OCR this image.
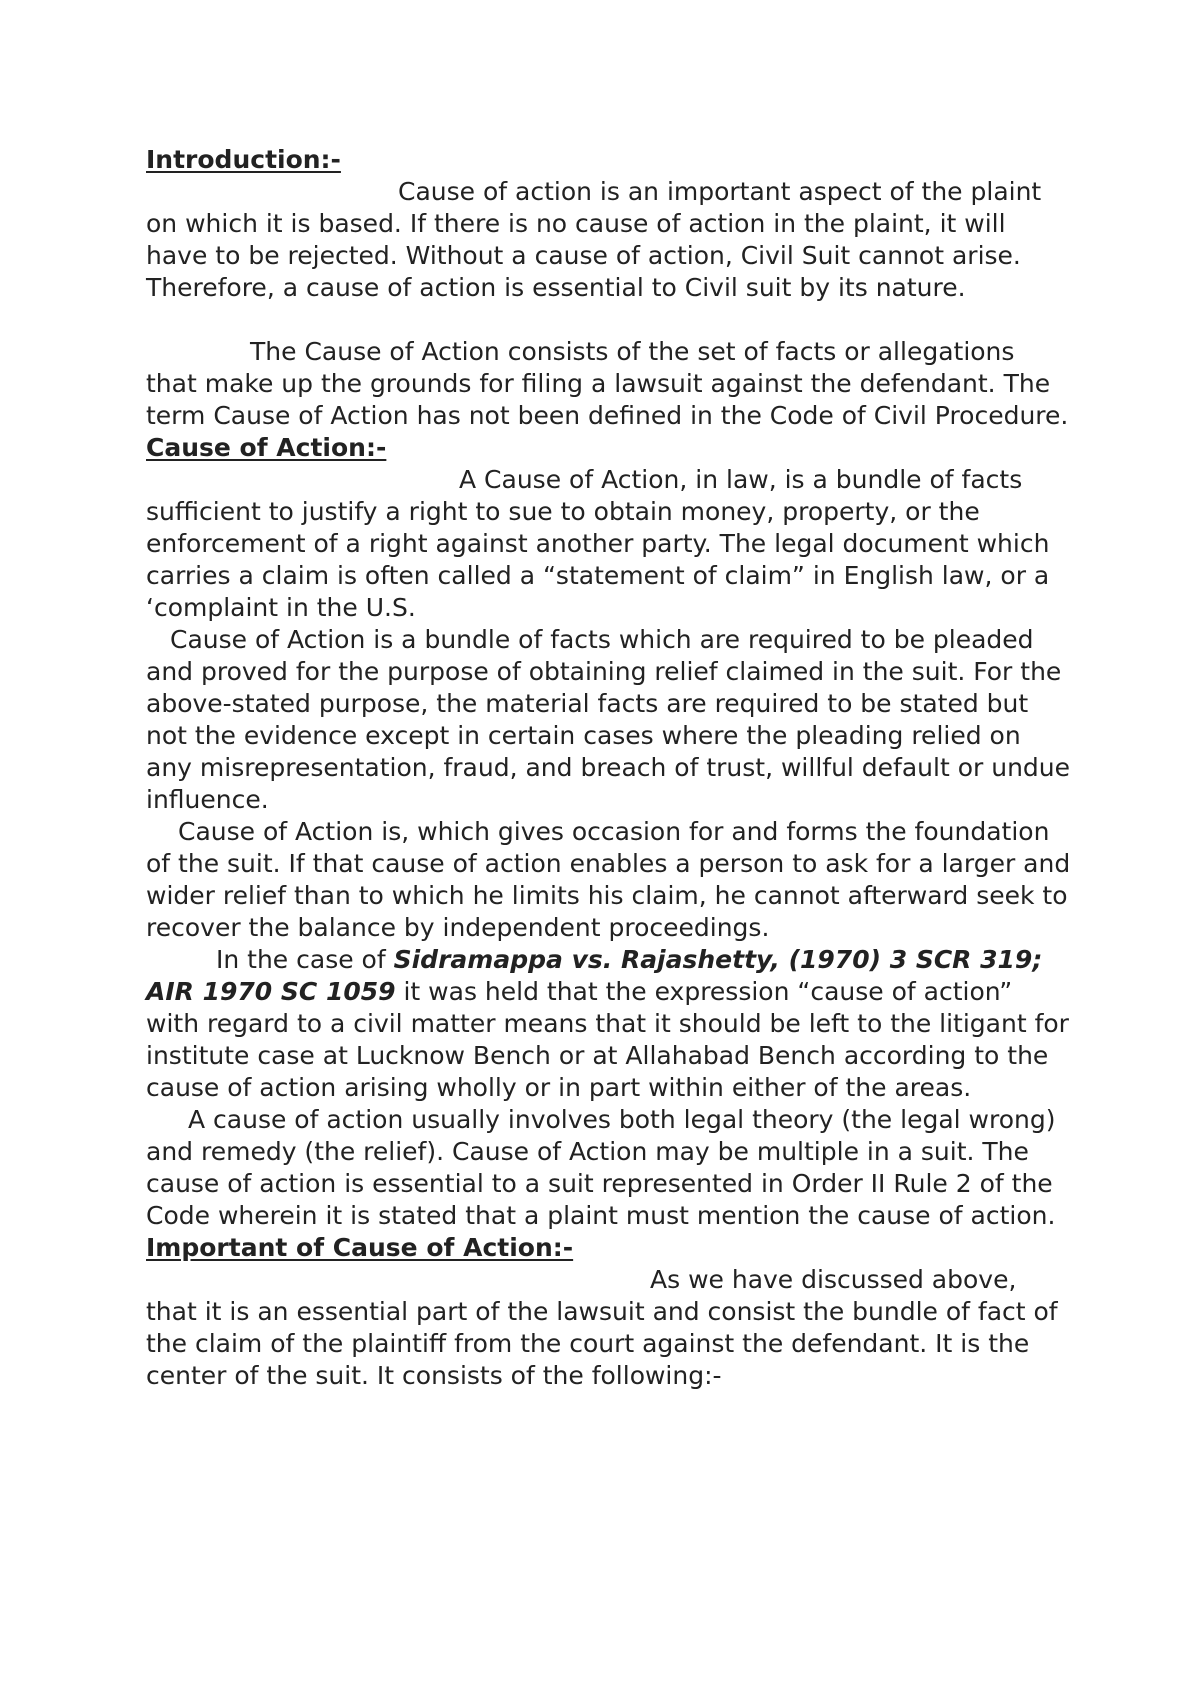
Introduction:-

Cause of action is an important aspect of the plaint on which it is based. If there is no cause of action in the plaint, it will have to be rejected. Without a cause of action, Civil Suit cannot arise. Therefore, a cause of action is essential to Civil suit by its nature.

The Cause of Action consists of the set of facts or allegations that make up the grounds for filing a lawsuit against the defendant. The term Cause of Action has not been defined in the Code of Civil Procedure.

Cause of Action:-

A Cause of Action, in law, is a bundle of facts sufficient to justify a right to sue to obtain money, property, or the enforcement of a right against another party. The legal document which carries a claim is often called a “statement of claim” in English law, or a ‘complaint in the U.S.

Cause of Action is a bundle of facts which are required to be pleaded and proved for the purpose of obtaining relief claimed in the suit. For the above-stated purpose, the material facts are required to be stated but not the evidence except in certain cases where the pleading relied on any misrepresentation, fraud, and breach of trust, willful default or undue influence.

Cause of Action is, which gives occasion for and forms the foundation of the suit. If that cause of action enables a person to ask for a larger and wider relief than to which he limits his claim, he cannot afterward seek to recover the balance by independent proceedings.

In the case of Sidramappa vs. Rajashetty, (1970) 3 SCR 319; AIR 1970 SC 1059 it was held that the expression “cause of action” with regard to a civil matter means that it should be left to the litigant for institute case at Lucknow Bench or at Allahabad Bench according to the cause of action arising wholly or in part within either of the areas.

A cause of action usually involves both legal theory (the legal wrong) and remedy (the relief). Cause of Action may be multiple in a suit. The cause of action is essential to a suit represented in Order II Rule 2 of the Code wherein it is stated that a plaint must mention the cause of action.

Important of Cause of Action:-

As we have discussed above, that it is an essential part of the lawsuit and consist the bundle of fact of the claim of the plaintiff from the court against the defendant. It is the center of the suit. It consists of the following:-
